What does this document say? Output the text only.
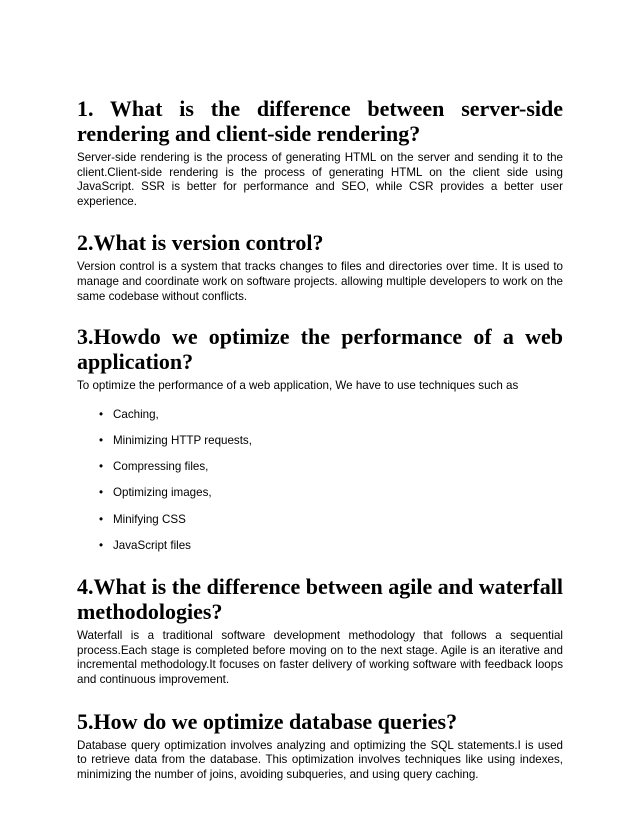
1. What is the difference between server-side rendering and client-side rendering?

Server-side rendering is the process of generating HTML on the server and sending it to the client.Client-side rendering is the process of generating HTML on the client side using JavaScript. SSR is better for performance and SEO, while CSR provides a better user experience.

2.What is version control?

Version control is a system that tracks changes to files and directories over time. It is used to manage and coordinate work on software projects. allowing multiple developers to work on the same codebase without conflicts.

3.Howdo we optimize the performance of a web application?

To optimize the performance of a web application, We have to use techniques such as

• Caching,
• Minimizing HTTP requests,
• Compressing files,
• Optimizing images,
• Minifying CSS
• JavaScript files
4.What is the difference between agile and waterfall methodologies?

Waterfall is a traditional software development methodology that follows a sequential process.Each stage is completed before moving on to the next stage. Agile is an iterative and incremental methodology.It focuses on faster delivery of working software with feedback loops and continuous improvement.

5.How do we optimize database queries?

Database query optimization involves analyzing and optimizing the SQL statements.I is used to retrieve data from the database. This optimization involves techniques like using indexes, minimizing the number of joins, avoiding subqueries, and using query caching.
